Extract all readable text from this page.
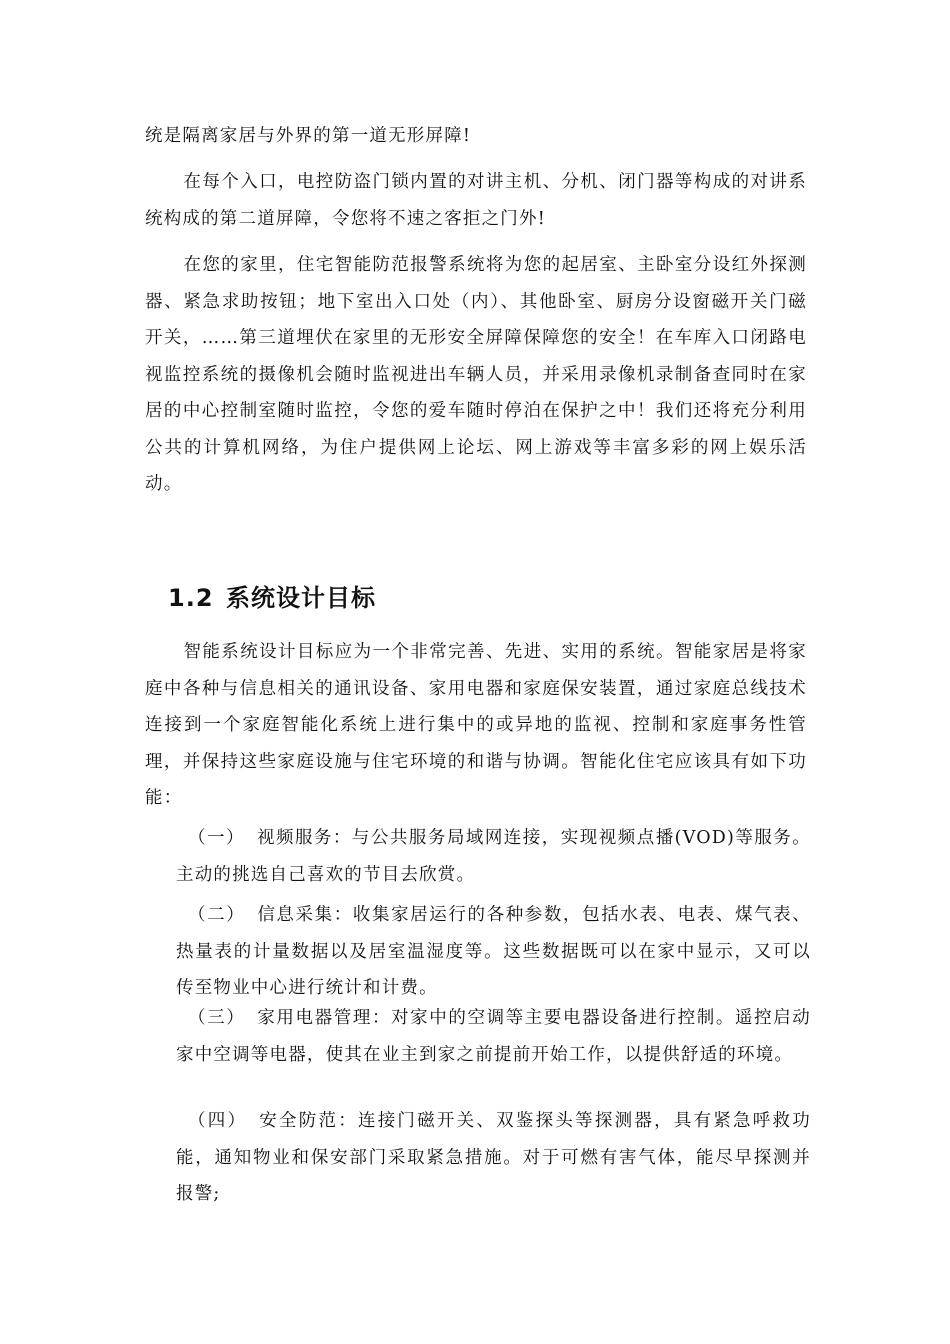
统是隔离家居与外界的第一道无形屏障!

在每个入口，电控防盗门锁内置的对讲主机、分机、闭门器等构成的对讲系统构成的第二道屏障，令您将不速之客拒之门外!

在您的家里，住宅智能防范报警系统将为您的起居室、主卧室分设红外探测器、紧急求助按钮；地下室出入口处（内）、其他卧室、厨房分设窗磁开关门磁开关，……第三道埋伏在家里的无形安全屏障保障您的安全！在车库入口闭路电视监控系统的摄像机会随时监视进出车辆人员，并采用录像机录制备查同时在家居的中心控制室随时监控，令您的爱车随时停泊在保护之中！我们还将充分利用公共的计算机网络，为住户提供网上论坛、网上游戏等丰富多彩的网上娱乐活动。

1.2 系统设计目标

智能系统设计目标应为一个非常完善、先进、实用的系统。智能家居是将家庭中各种与信息相关的通讯设备、家用电器和家庭保安装置，通过家庭总线技术连接到一个家庭智能化系统上进行集中的或异地的监视、控制和家庭事务性管理，并保持这些家庭设施与住宅环境的和谐与协调。智能化住宅应该具有如下功能：

（一） 视频服务：与公共服务局域网连接，实现视频点播(VOD)等服务。主动的挑选自己喜欢的节目去欣赏。

（二） 信息采集：收集家居运行的各种参数，包括水表、电表、煤气表、热量表的计量数据以及居室温湿度等。这些数据既可以在家中显示，又可以传至物业中心进行统计和计费。

（三） 家用电器管理：对家中的空调等主要电器设备进行控制。遥控启动家中空调等电器，使其在业主到家之前提前开始工作，以提供舒适的环境。

（四） 安全防范：连接门磁开关、双鉴探头等探测器，具有紧急呼救功能，通知物业和保安部门采取紧急措施。对于可燃有害气体，能尽早探测并报警;
